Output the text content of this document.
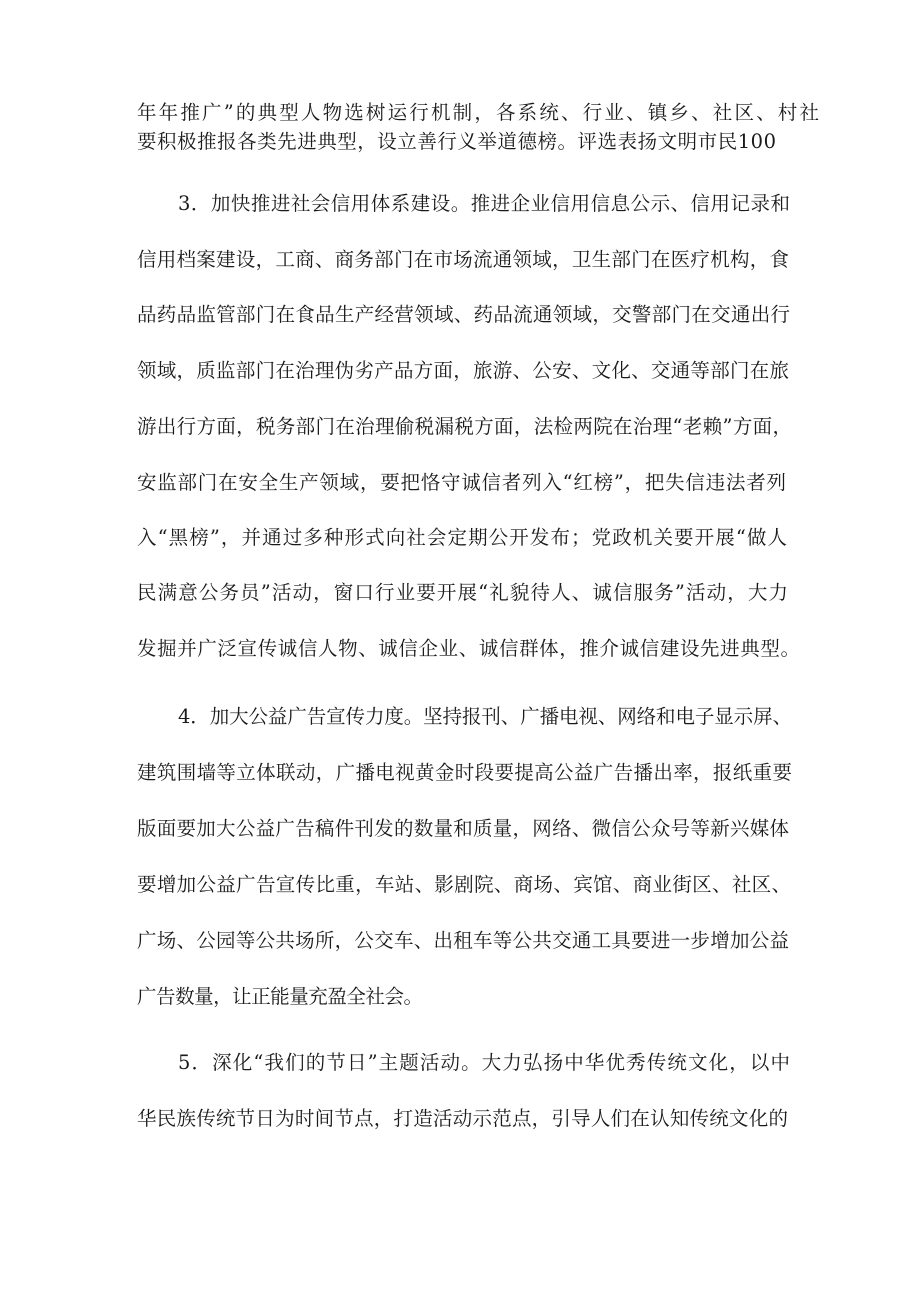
年年推广”的典型人物选树运行机制，各系统、行业、镇乡、社区、村社
要积极推报各类先进典型，设立善行义举道德榜。评选表扬文明市民100
3．加快推进社会信用体系建设。推进企业信用信息公示、信用记录和
信用档案建设，工商、商务部门在市场流通领域，卫生部门在医疗机构，食
品药品监管部门在食品生产经营领域、药品流通领域，交警部门在交通出行
领域，质监部门在治理伪劣产品方面，旅游、公安、文化、交通等部门在旅
游出行方面，税务部门在治理偷税漏税方面，法检两院在治理“老赖”方面，
安监部门在安全生产领域，要把恪守诚信者列入“红榜”，把失信违法者列
入“黑榜”，并通过多种形式向社会定期公开发布；党政机关要开展“做人
民满意公务员”活动，窗口行业要开展“礼貌待人、诚信服务”活动，大力
发掘并广泛宣传诚信人物、诚信企业、诚信群体，推介诚信建设先进典型。
4．加大公益广告宣传力度。坚持报刊、广播电视、网络和电子显示屏、
建筑围墙等立体联动，广播电视黄金时段要提高公益广告播出率，报纸重要
版面要加大公益广告稿件刊发的数量和质量，网络、微信公众号等新兴媒体
要增加公益广告宣传比重，车站、影剧院、商场、宾馆、商业街区、社区、
广场、公园等公共场所，公交车、出租车等公共交通工具要进一步增加公益
广告数量，让正能量充盈全社会。
5．深化“我们的节日”主题活动。大力弘扬中华优秀传统文化，以中
华民族传统节日为时间节点，打造活动示范点，引导人们在认知传统文化的
